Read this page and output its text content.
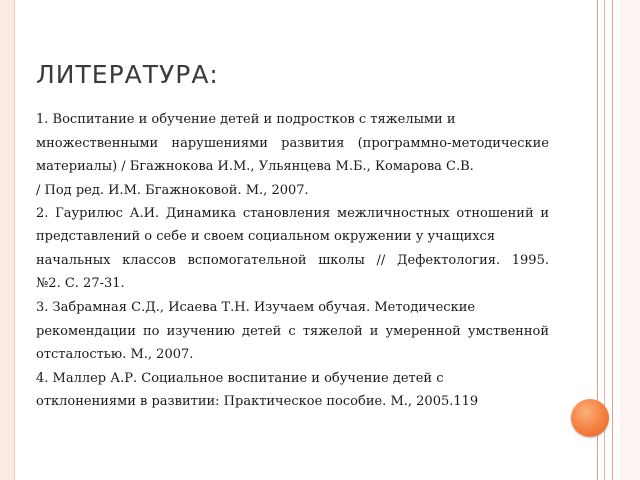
ЛИТЕРАТУРА:
1. Воспитание и обучение детей и подростков с тяжелыми и
множественными нарушениями развития (программно-методические
материалы) / Бгажнокова И.М., Ульянцева М.Б., Комарова С.В.
/ Под ред. И.М. Бгажноковой. М., 2007.
2. Гаурилюс А.И. Динамика становления межличностных отношений и
представлений о себе и своем социальном окружении у учащихся
начальных классов вспомогательной школы // Дефектология. 1995.
№2. С. 27-31.
3. Забрамная С.Д., Исаева Т.Н. Изучаем обучая. Методические
рекомендации по изучению детей с тяжелой и умеренной умственной
отсталостью. М., 2007.
4. Маллер А.Р. Социальное воспитание и обучение детей с
отклонениями в развитии: Практическое пособие. М., 2005.119
